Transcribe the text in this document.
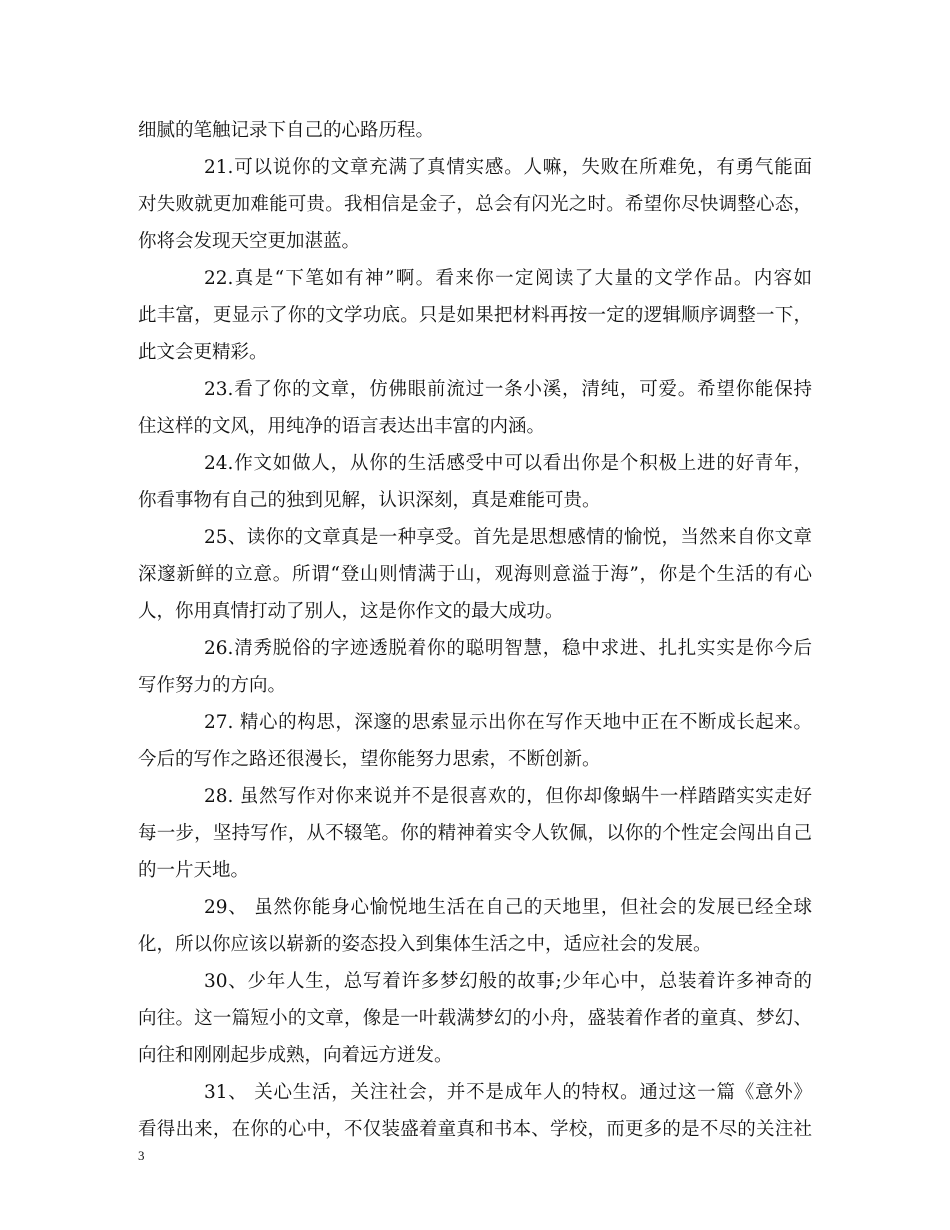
细腻的笔触记录下自己的心路历程。
21.可以说你的文章充满了真情实感。人嘛，失败在所难免，有勇气能面
对失败就更加难能可贵。我相信是金子，总会有闪光之时。希望你尽快调整心态，
你将会发现天空更加湛蓝。
22.真是“下笔如有神”啊。看来你一定阅读了大量的文学作品。内容如
此丰富，更显示了你的文学功底。只是如果把材料再按一定的逻辑顺序调整一下，
此文会更精彩。
23.看了你的文章，仿佛眼前流过一条小溪，清纯，可爱。希望你能保持
住这样的文风，用纯净的语言表达出丰富的内涵。
24.作文如做人，从你的生活感受中可以看出你是个积极上进的好青年，
你看事物有自己的独到见解，认识深刻，真是难能可贵。
25、读你的文章真是一种享受。首先是思想感情的愉悦，当然来自你文章
深邃新鲜的立意。所谓“登山则情满于山，观海则意溢于海”，你是个生活的有心
人，你用真情打动了别人，这是你作文的最大成功。
26.清秀脱俗的字迹透脱着你的聪明智慧，稳中求进、扎扎实实是你今后
写作努力的方向。
27. 精心的构思，深邃的思索显示出你在写作天地中正在不断成长起来。
今后的写作之路还很漫长，望你能努力思索，不断创新。
28. 虽然写作对你来说并不是很喜欢的，但你却像蜗牛一样踏踏实实走好
每一步，坚持写作，从不辍笔。你的精神着实令人钦佩，以你的个性定会闯出自己
的一片天地。
29、 虽然你能身心愉悦地生活在自己的天地里，但社会的发展已经全球
化，所以你应该以崭新的姿态投入到集体生活之中，适应社会的发展。
30、少年人生，总写着许多梦幻般的故事;少年心中，总装着许多神奇的
向往。这一篇短小的文章，像是一叶载满梦幻的小舟，盛装着作者的童真、梦幻、
向往和刚刚起步成熟，向着远方迸发。
31、 关心生活，关注社会，并不是成年人的特权。通过这一篇《意外》
看得出来，在你的心中，不仅装盛着童真和书本、学校，而更多的是不尽的关注社
3
